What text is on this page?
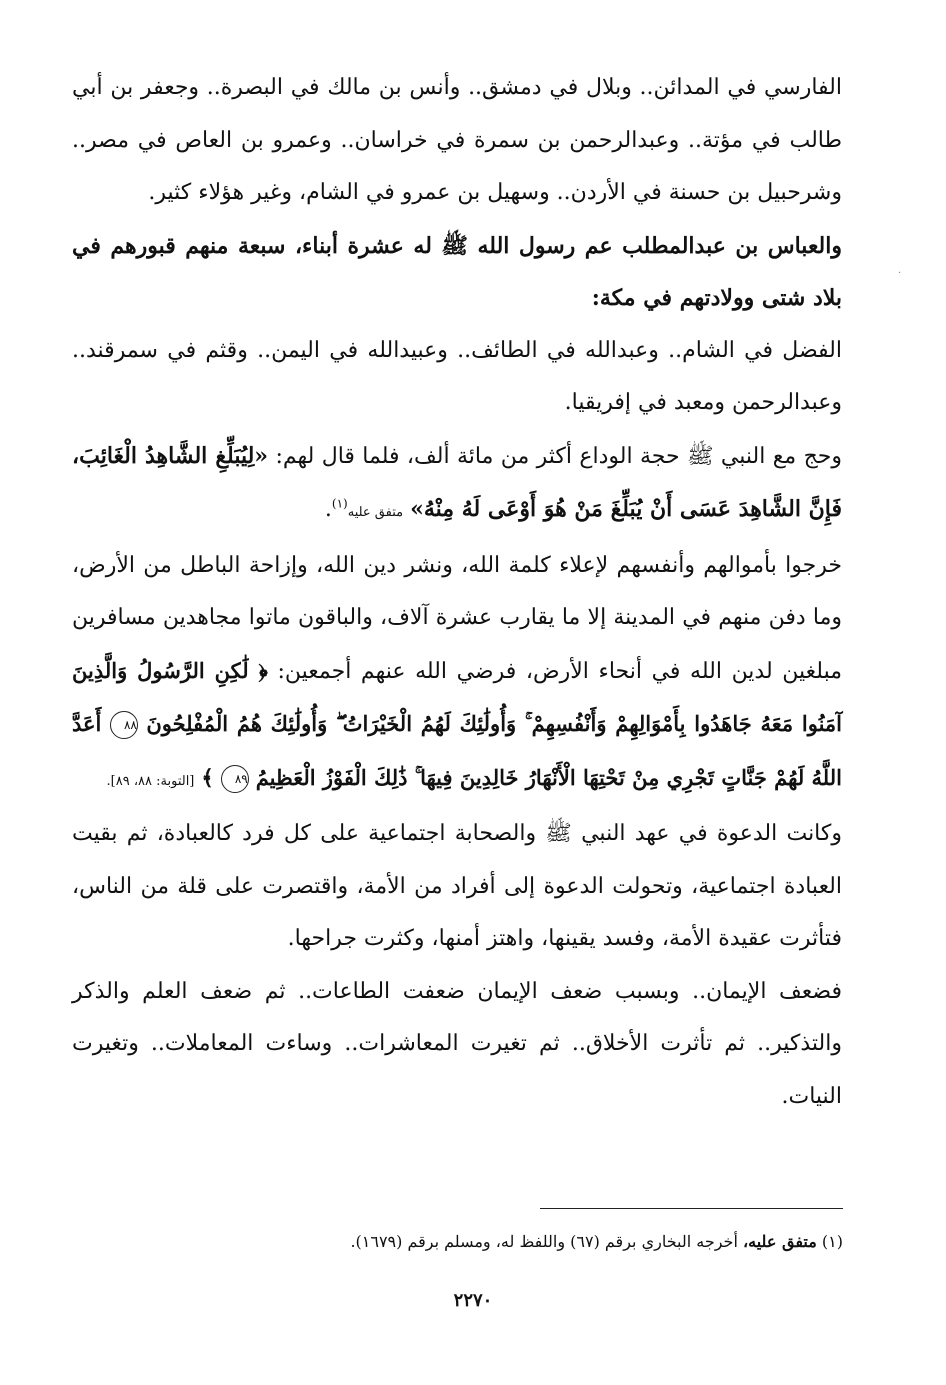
·

الفارسي في المدائن.. وبلال في دمشق.. وأنس بن مالك في البصرة.. وجعفر بن أبي طالب في مؤتة.. وعبدالرحمن بن سمرة في خراسان.. وعمرو بن العاص في مصر.. وشرحبيل بن حسنة في الأردن.. وسهيل بن عمرو في الشام، وغير هؤلاء كثير.

والعباس بن عبدالمطلب عم رسول الله ﷺ له عشرة أبناء، سبعة منهم قبورهم في بلاد شتى وولادتهم في مكة:

الفضل في الشام.. وعبدالله في الطائف.. وعبيدالله في اليمن.. وقثم في سمرقند.. وعبدالرحمن ومعبد في إفريقيا.

وحج مع النبي ﷺ حجة الوداع أكثر من مائة ألف، فلما قال لهم: «لِيُبَلِّغِ الشَّاهِدُ الْغَائِبَ، فَإِنَّ الشَّاهِدَ عَسَى أَنْ يُبَلِّغَ مَنْ هُوَ أَوْعَى لَهُ مِنْهُ» متفق عليه$^{(١)}$.

خرجوا بأموالهم وأنفسهم لإعلاء كلمة الله، ونشر دين الله، وإزاحة الباطل من الأرض، وما دفن منهم في المدينة إلا ما يقارب عشرة آلاف، والباقون ماتوا مجاهدين مسافرين مبلغين لدين الله في أنحاء الأرض، فرضي الله عنهم أجمعين: ﴿ لَٰكِنِ الرَّسُولُ وَالَّذِينَ آمَنُوا مَعَهُ جَاهَدُوا بِأَمْوَالِهِمْ وَأَنْفُسِهِمْ ۚ وَأُولَٰئِكَ لَهُمُ الْخَيْرَاتُ ۖ وَأُولَٰئِكَ هُمُ الْمُفْلِحُونَ ٨٨ أَعَدَّ اللَّهُ لَهُمْ جَنَّاتٍ تَجْرِي مِنْ تَحْتِهَا الْأَنْهَارُ خَالِدِينَ فِيهَا ۚ ذَٰلِكَ الْفَوْزُ الْعَظِيمُ ٨٩ ﴾ [التوبة: ٨٨، ٨٩].

وكانت الدعوة في عهد النبي ﷺ والصحابة اجتماعية على كل فرد كالعبادة، ثم بقيت العبادة اجتماعية، وتحولت الدعوة إلى أفراد من الأمة، واقتصرت على قلة من الناس، فتأثرت عقيدة الأمة، وفسد يقينها، واهتز أمنها، وكثرت جراحها.

فضعف الإيمان.. وبسبب ضعف الإيمان ضعفت الطاعات.. ثم ضعف العلم والذكر والتذكير.. ثم تأثرت الأخلاق.. ثم تغيرت المعاشرات.. وساءت المعاملات.. وتغيرت النيات.

(١) متفق عليه، أخرجه البخاري برقم (٦٧) واللفظ له، ومسلم برقم (١٦٧٩).
٢٢٧٠
